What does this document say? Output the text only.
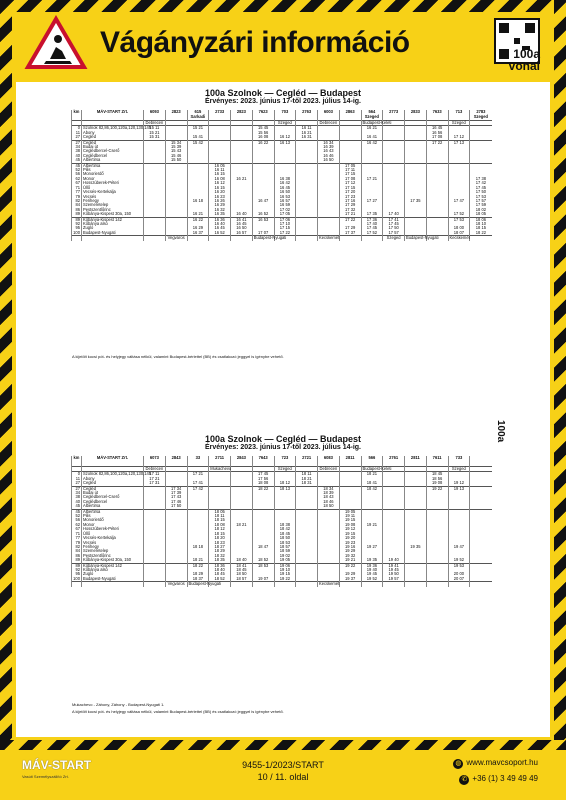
Vágányzári információ	100a
vonal
100a Szolnok — Cegléd — Budapest
Érvényes: 2023. június 17-től 2023. július 14-ig.
km	MÁV-START Zrt.	6093	2823	615	2733	2823	7623	703	2763	6003	2863	564	2773	2833	7633	713	2783
				Sarkadi								Szeged					Szeged
		Debrecen						Szeged		Debrecen		Budapest-Keleti				Szeged	
0	Szolnok 82,86,100,120a,120,130,145	15 11		15 21			15 45		16 11			16 21			16 45		
11	Abony	15 21					15 56		16 21						16 56		
27	Cegléd	15 31		15 41			16 08	16 12	16 31			16 41			17 08	17 12	
27	Cegléd		15 34	15 42			16 22	16 13		16 34		16 42			17 22	17 13	
34	Budai út		15 39							16 39							
38	Ceglédbercel-Cserő		15 43							16 43							
40	Ceglédbercel		15 46							16 46							
45	Albertirsa		15 50							16 50							
45	Albertirsa				16 05						17 05						
52	Pilis				16 11						17 11						
56	Monorierdő				16 15						17 15						
62	Monor				16 08	16 21		16 38			17 08	17 21					17 38
67	Hosszúberek-Péteri				16 12			16 42			17 12						17 42
71	Üllő				16 15			16 45			17 15						17 45
77	Vecsés-Kertekalja				16 20			16 50			17 20						17 50
79	Vecsés				16 23			16 53			17 23						17 53
82	Ferihegy			16 18	16 26		16 47	16 57			17 16	17 27		17 35		17 47	17 57
84	Szemeretelep				16 29			16 59			17 29						17 59
86	Pestszentlőrinc				16 32			17 02			17 32						18 02
89	Kőbánya-Kispest 30a, 150			16 21	16 35	16 40	16 52	17 05			17 21	17 35	17 40			17 52	18 05
89	Kőbánya-Kispest 142			16 22	16 36	16 41	16 53	17 06			17 22	17 36	17 41			17 53	18 06
92	Kőbánya alsó				16 40	16 45		17 10				17 40	17 45				18 10
95	Zugló			16 29	16 45	16 50		17 15			17 29	17 45	17 50			18 00	18 15
100	Budapest-Nyugati			16 37	16 52	16 57	17 07	17 22			17 37	17 52	17 57			18 07	18 22
			Vegvaros				Budapest-Nyugati			Kecskemét			Szeged	Budapest-Nyugati		Kecskemét	
A kijelölt kocsi pót- és helyjegy váltása nélkül, valamint Budapest-bérlettel (BB) és csatlakozó jeggyel is igénybe vehető.
100a Szolnok — Cegléd — Budapest
Érvényes: 2023. június 17-től 2023. július 14-ig.
km	MÁV-START Zrt.	6073	2843	33	2711	2843	7643	723	2721	6083	2811	566	2761	2811	7611	733	

		Debrecen			Mukachevo			Szeged		Debrecen		Budapest-Keleti				Szeged	
0	Szolnok 82,86,100,120a,120,130,145	17 11		17 21			17 45		18 11			18 21			18 45		
11	Abony	17 21					17 56		18 21						18 56		
27	Cegléd	17 31		17 41			18 08	18 12	18 31			18 41			19 08	19 12	
27	Cegléd		17 34	17 42			18 22	18 13		18 34		18 42			19 22	19 13	
34	Budai út		17 39							18 39							
38	Ceglédbercel-Cserő		17 43							18 43							
40	Ceglédbercel		17 46							18 46							
45	Albertirsa		17 50							18 50							
45	Albertirsa				18 05						19 05						
52	Pilis				18 11						19 11						
56	Monorierdő				18 15						19 15						
62	Monor				18 08	18 21		18 38			19 08	19 21					
67	Hosszúberek-Péteri				18 12			18 42			19 12						
71	Üllő				18 15			18 45			19 15						
77	Vecsés-Kertekalja				18 20			18 50			19 20						
79	Vecsés				18 23			18 53			19 23						
82	Ferihegy			18 18	18 27		18 47	18 57			19 16	19 27		19 35		19 47	
84	Szemeretelep				18 29			18 59			19 29						
86	Pestszentlőrinc				18 32			19 02			19 32						
89	Kőbánya-Kispest 30a, 150			18 21	18 35	18 40	18 52	19 05			19 21	19 35	19 40			19 52	
89	Kőbánya-Kispest 142			18 22	18 36	18 41	18 53	19 06			19 22	19 36	19 41			19 53	
92	Kőbánya alsó				18 40	18 45		19 10				19 40	19 45				
95	Zugló			18 29	18 45	18 50		19 15			19 29	19 45	19 50			20 00	
100	Budapest-Nyugati			18 37	18 52	18 57	19 07	19 22			19 37	19 52	19 57			20 07	
			Vegvaros	Budapest-Nyugati						Kecskemét							
Mukachevo - Záhony, Záhony - Budapest-Nyugati 1.
A kijelölt kocsi pót- és helyjegy váltása nélkül, valamint Budapest-bérlettel (BB) és csatlakozó jeggyel is igénybe vehető.
100a
MÁV-START
Vasúti Személyszállító Zrt.
9455-1/2023/START
10 / 11. oldal
◍ www.mavcsoport.hu
✆ +36 (1) 3 49 49 49
